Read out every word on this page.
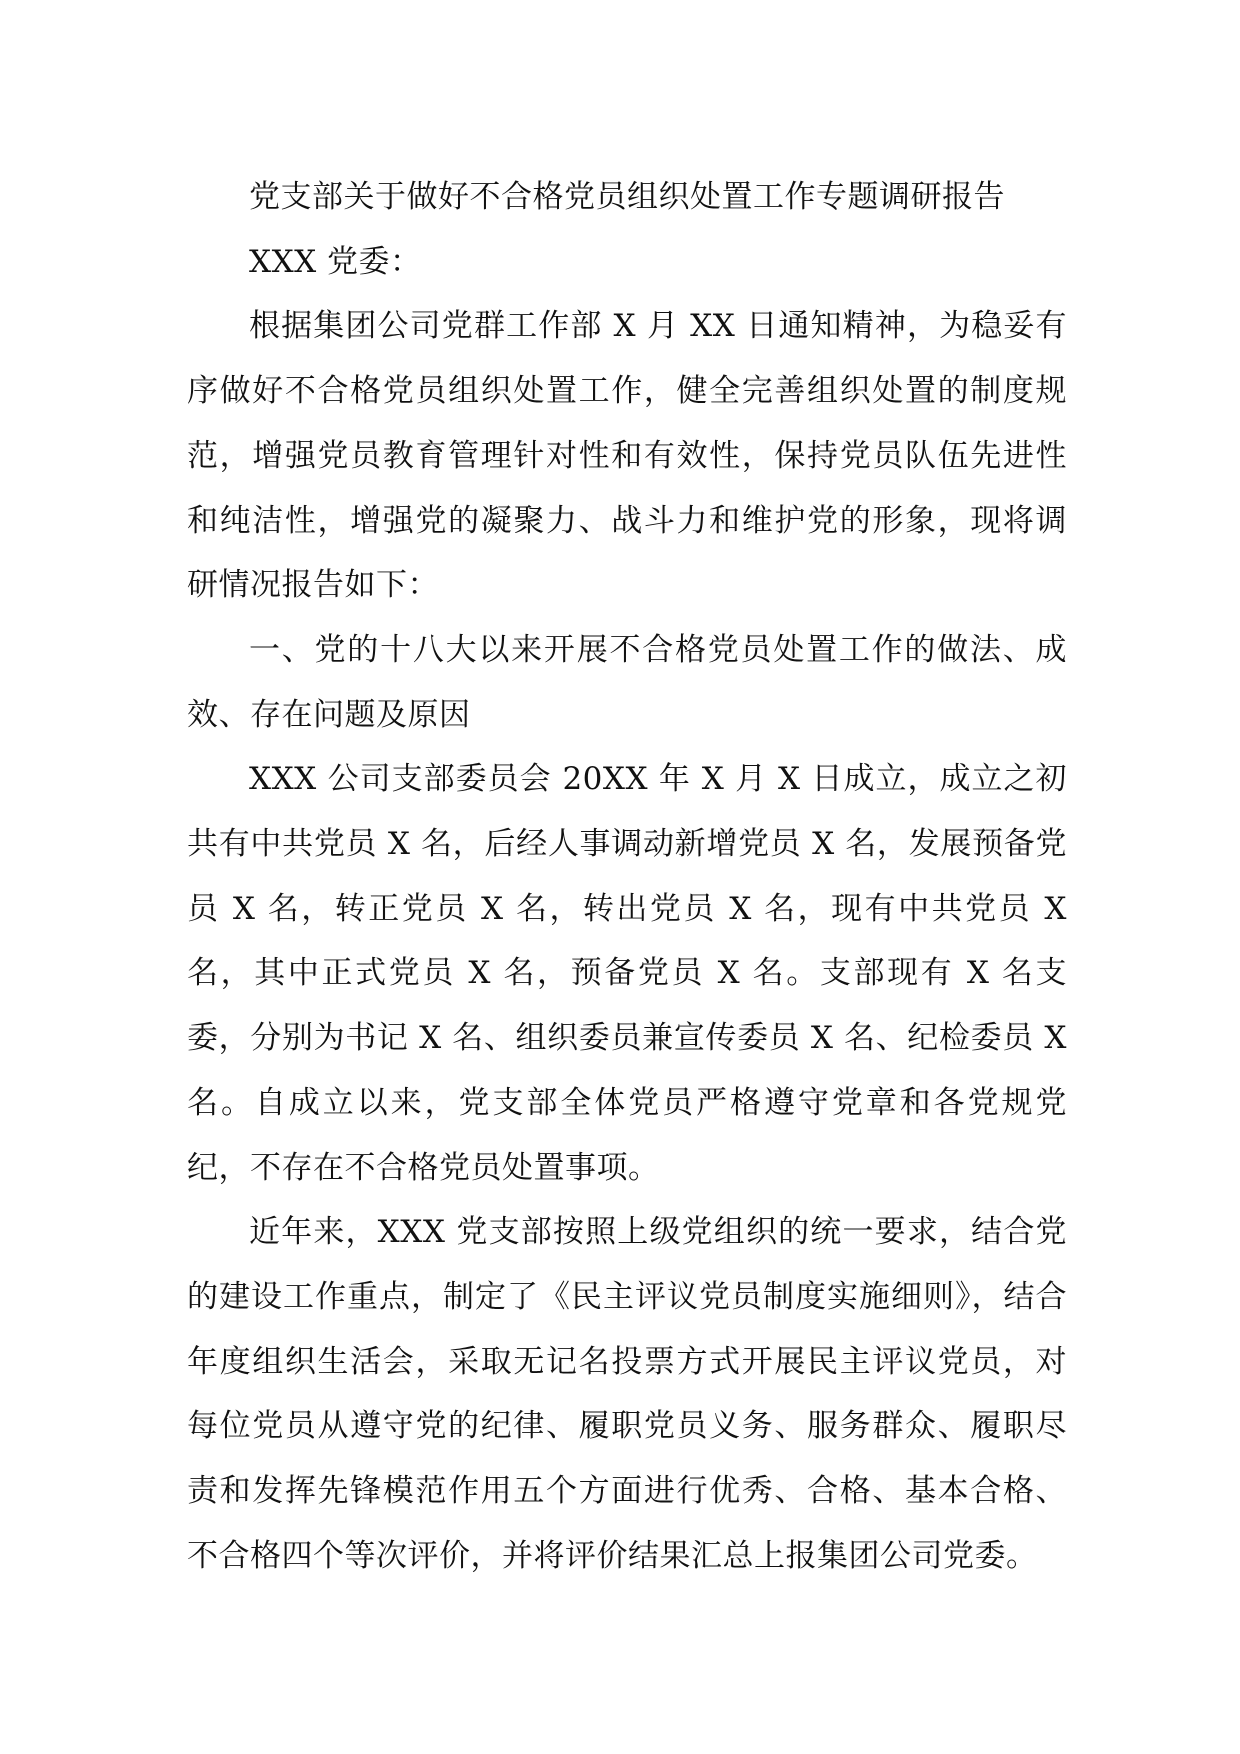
党支部关于做好不合格党员组织处置工作专题调研报告

XXX 党委：

根据集团公司党群工作部 X 月 XX 日通知精神，为稳妥有序做好不合格党员组织处置工作，健全完善组织处置的制度规范，增强党员教育管理针对性和有效性，保持党员队伍先进性和纯洁性，增强党的凝聚力、战斗力和维护党的形象，现将调研情况报告如下：

一、党的十八大以来开展不合格党员处置工作的做法、成效、存在问题及原因

XXX 公司支部委员会 20XX 年 X 月 X 日成立，成立之初共有中共党员 X 名，后经人事调动新增党员 X 名，发展预备党员 X 名，转正党员 X 名，转出党员 X 名，现有中共党员 X 名，其中正式党员 X 名，预备党员 X 名。支部现有 X 名支委，分别为书记 X 名、组织委员兼宣传委员 X 名、纪检委员 X 名。自成立以来，党支部全体党员严格遵守党章和各党规党纪，不存在不合格党员处置事项。

近年来，XXX 党支部按照上级党组织的统一要求，结合党的建设工作重点，制定了《民主评议党员制度实施细则》，结合年度组织生活会，采取无记名投票方式开展民主评议党员，对每位党员从遵守党的纪律、履职党员义务、服务群众、履职尽责和发挥先锋模范作用五个方面进行优秀、合格、基本合格、不合格四个等次评价，并将评价结果汇总上报集团公司党委。
